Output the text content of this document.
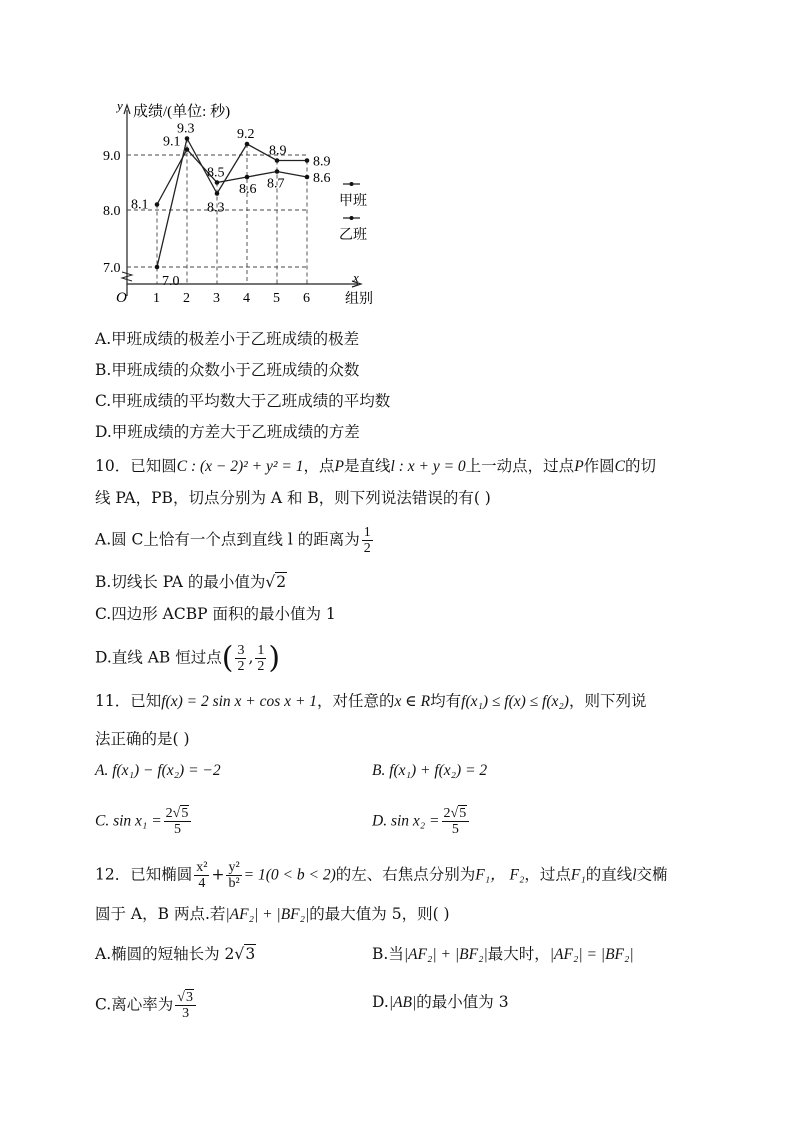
y 成绩/(单位: 秒)
x
组别
O
7.0
8.0
9.0
1 2 3 4 5 6
7.0
9.3
8.3
9.2
8.9
8.9
8.1
9.1
8.5
8.6 8.7 8.6
甲班
乙班
A.甲班成绩的极差小于乙班成绩的极差
B.甲班成绩的众数小于乙班成绩的众数
C.甲班成绩的平均数大于乙班成绩的平均数
D.甲班成绩的方差大于乙班成绩的方差
10．已知圆C : (x − 2)² + y² = 1，点P是直线l : x + y = 0上一动点，过点P作圆C的切
线 PA，PB，切点分别为 A 和 B，则下列说法错误的有( )
A.圆 C上恰有一个点到直线 l 的距离为 $\frac{1}{2}$
B.切线长 PA 的最小值为√2
C.四边形 ACBP 面积的最小值为 1
D.直线 AB 恒过点( $\frac{3}{2}$ , $\frac{1}{2}$ )
11．已知f(x) = 2 sin x + cos x + 1，对任意的x ∈ R均有f(x₁) ≤ f(x) ≤ f(x₂)，则下列说
法正确的是( )
A. f(x₁) − f(x₂) = −2	B. f(x₁) + f(x₂) = 2
C. $\sin x_1 = \frac{2√5}{5}$	D. $\sin x_2 = \frac{2√5}{5}$
12．已知椭圆 $\frac{\text{x²}}{4} + \frac{\text{y²}}{\text{b²}} = 1(0 < b < 2)$的左、右焦点分别为F₁， F₂，过点F₁的直线l交椭
圆于 A，B 两点.若|AF₂| + |BF₂|的最大值为 5，则( )
A.椭圆的短轴长为 2√3	B.当|AF₂| + |BF₂|最大时，|AF₂| = |BF₂|
C.离心率为 $\frac{√3}{3}$	D.|AB|的最小值为 3
